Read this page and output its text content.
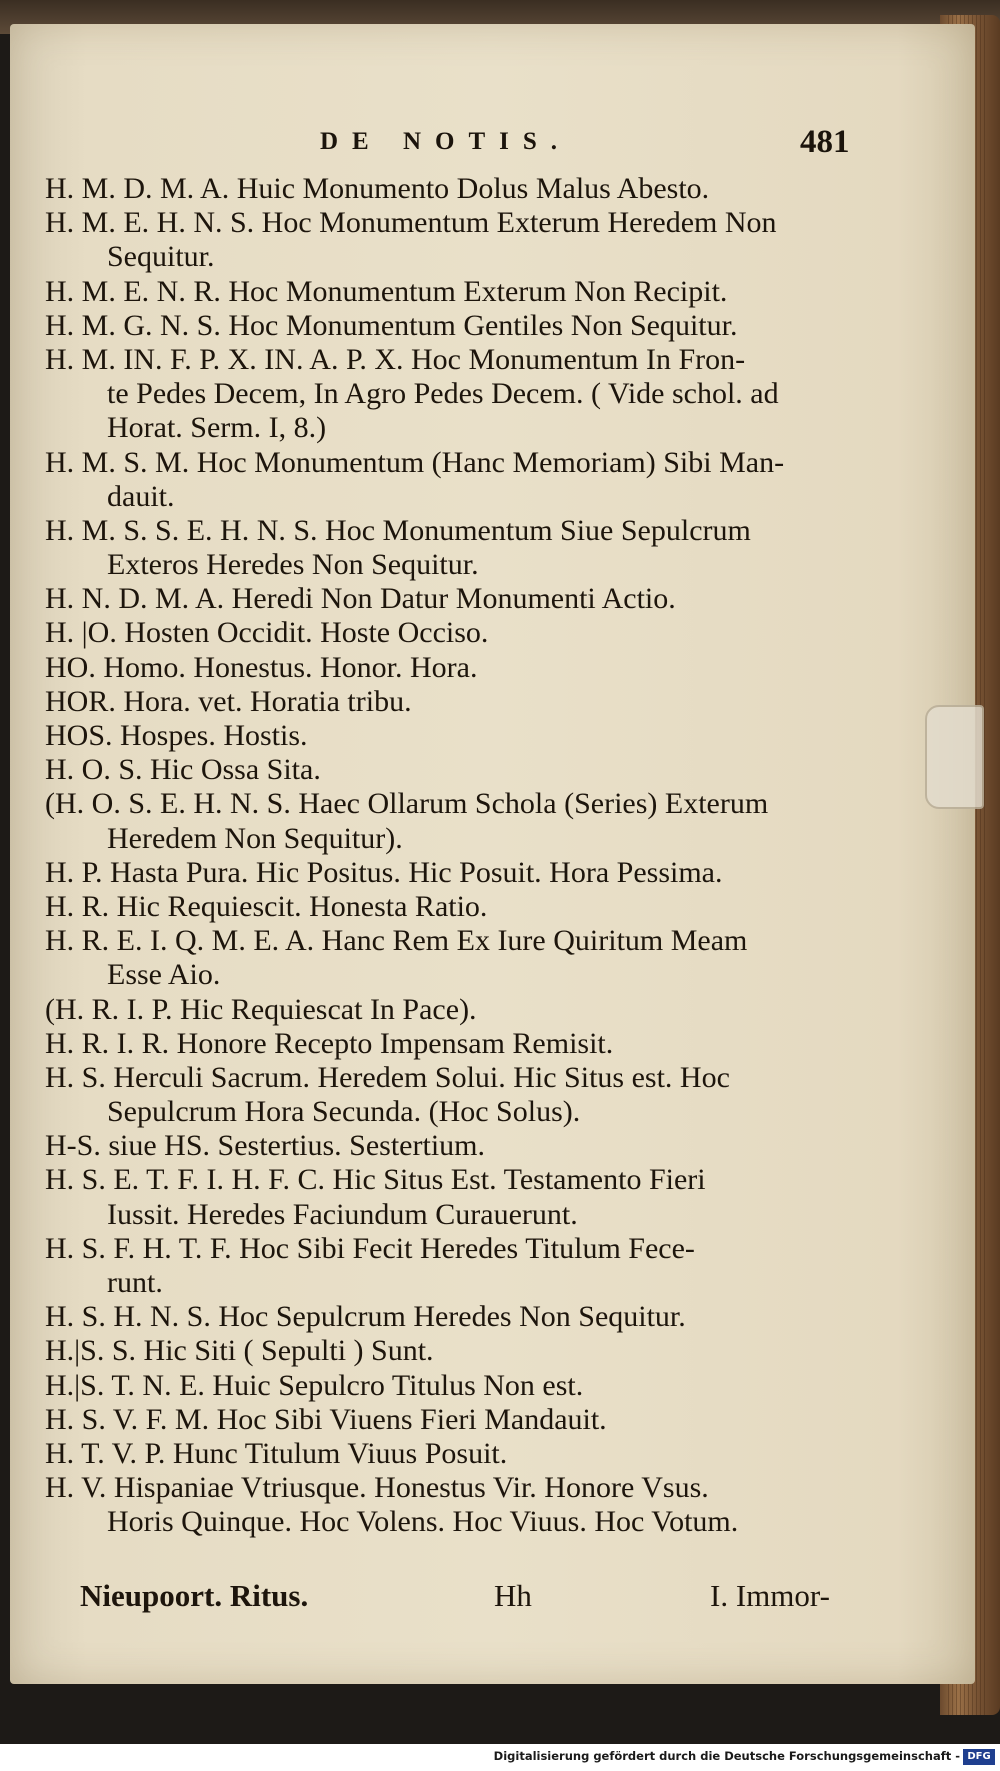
DE NOTIS.	481
H. M. D. M. A. Huic Monumento Dolus Malus Abesto.
H. M. E. H. N. S. Hoc Monumentum Exterum Heredem Non
Sequitur.
H. M. E. N. R. Hoc Monumentum Exterum Non Recipit.
H. M. G. N. S. Hoc Monumentum Gentiles Non Sequitur.
H. M. IN. F. P. X. IN. A. P. X. Hoc Monumentum In Fron-
te Pedes Decem, In Agro Pedes Decem. ( Vide schol. ad
Horat. Serm. I, 8.)
H. M. S. M. Hoc Monumentum (Hanc Memoriam) Sibi Man-
dauit.
H. M. S. S. E. H. N. S. Hoc Monumentum Siue Sepulcrum
Exteros Heredes Non Sequitur.
H. N. D. M. A. Heredi Non Datur Monumenti Actio.
H. |O. Hosten Occidit. Hoste Occiso.
HO. Homo. Honestus. Honor. Hora.
HOR. Hora. vet. Horatia tribu.
HOS. Hospes. Hostis.
H. O. S. Hic Ossa Sita.
(H. O. S. E. H. N. S. Haec Ollarum Schola (Series) Exterum
Heredem Non Sequitur).
H. P. Hasta Pura. Hic Positus. Hic Posuit. Hora Pessima.
H. R. Hic Requiescit. Honesta Ratio.
H. R. E. I. Q. M. E. A. Hanc Rem Ex Iure Quiritum Meam
Esse Aio.
(H. R. I. P. Hic Requiescat In Pace).
H. R. I. R. Honore Recepto Impensam Remisit.
H. S. Herculi Sacrum. Heredem Solui. Hic Situs est. Hoc
Sepulcrum Hora Secunda. (Hoc Solus).
H-S. siue HS. Sestertius. Sestertium.
H. S. E. T. F. I. H. F. C. Hic Situs Est. Testamento Fieri
Iussit. Heredes Faciundum Curauerunt.
H. S. F. H. T. F. Hoc Sibi Fecit Heredes Titulum Fece-
runt.
H. S. H. N. S. Hoc Sepulcrum Heredes Non Sequitur.
H.|S. S. Hic Siti ( Sepulti ) Sunt.
H.|S. T. N. E. Huic Sepulcro Titulus Non est.
H. S. V. F. M. Hoc Sibi Viuens Fieri Mandauit.
H. T. V. P. Hunc Titulum Viuus Posuit.
H. V. Hispaniae Vtriusque. Honestus Vir. Honore Vsus.
Horis Quinque. Hoc Volens. Hoc Viuus. Hoc Votum.
Nieupoort. Ritus.	Hh	I. Immor-
Digitalisierung gefördert durch die Deutsche Forschungsgemeinschaft - DFG
